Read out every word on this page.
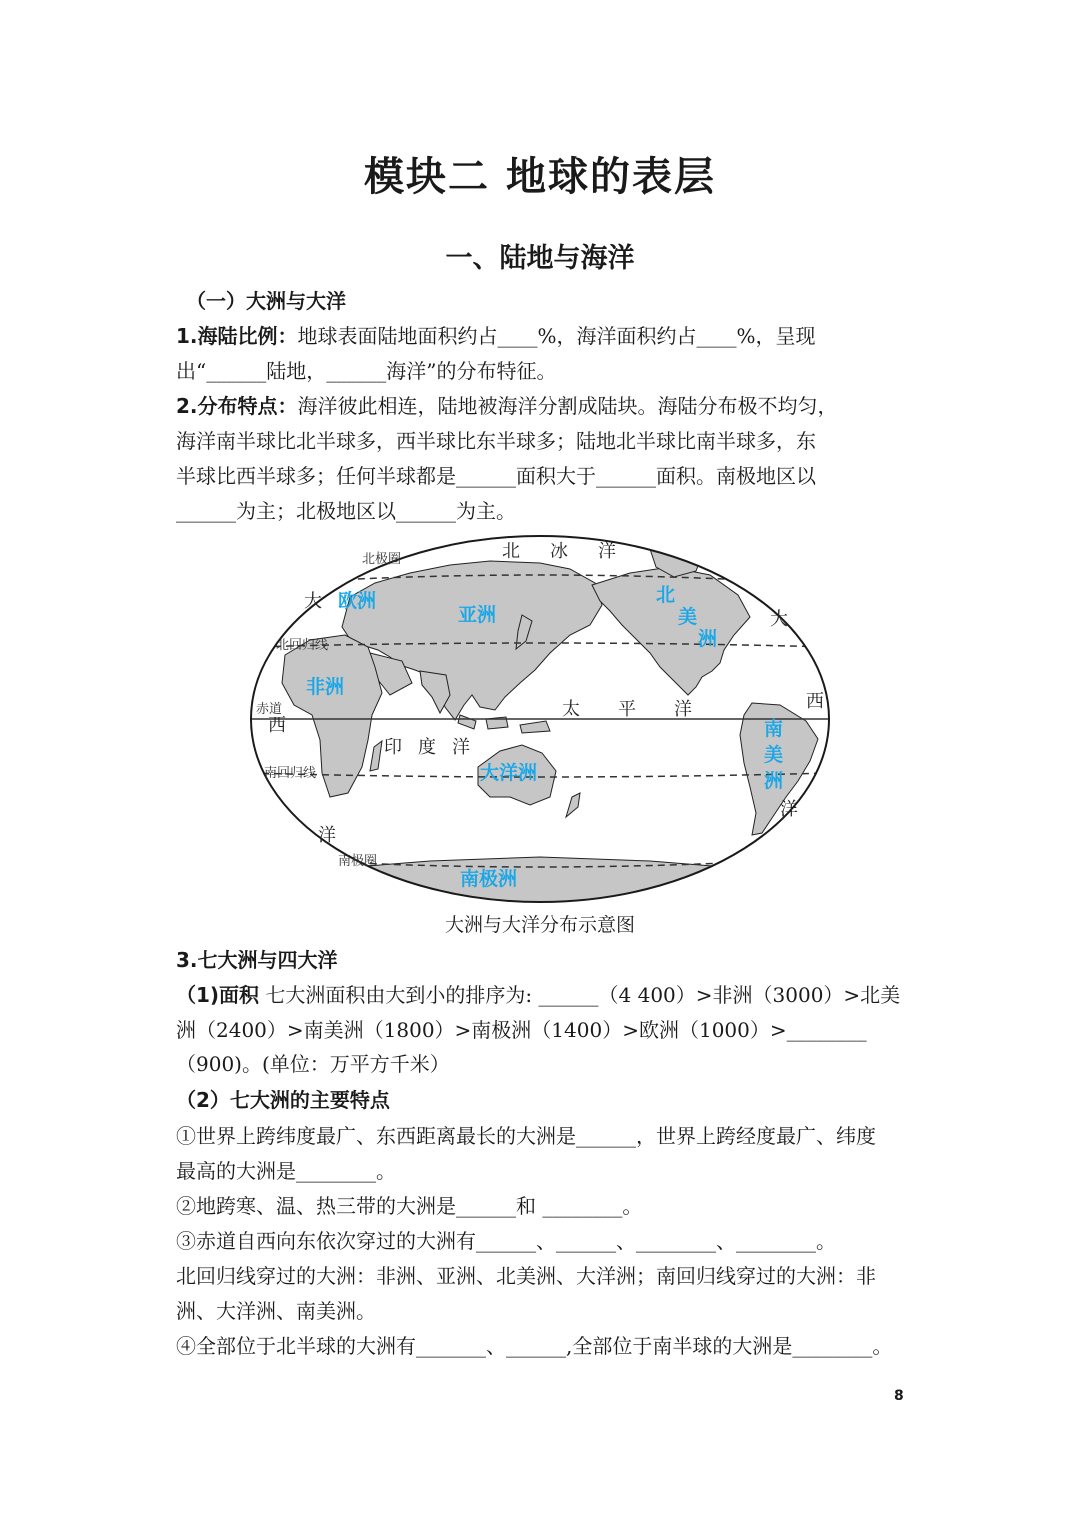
模块二 地球的表层
一、陆地与海洋
（一）大洲与大洋
1.海陆比例：地球表面陆地面积约占____%，海洋面积约占____%，呈现
出“______陆地，______海洋”的分布特征。
2.分布特点：海洋彼此相连，陆地被海洋分割成陆块。海陆分布极不均匀，
海洋南半球比北半球多，西半球比东半球多；陆地北半球比南半球多，东
半球比西半球多；任何半球都是______面积大于______面积。南极地区以
______为主；北极地区以______为主。
北极圈
北回归线
赤道
南回归线
南极圈
北 冰 洋
大
西
洋
大
西
洋
太 平 洋
印 度 洋
欧洲
亚洲
非洲
大洋洲
北
美
洲
南
美
洲
南极洲
大洲与大洋分布示意图
3.七大洲与四大洋
（1)面积 七大洲面积由大到小的排序为: ______（4 400）>非洲（3000）>北美
洲（2400）>南美洲（1800）>南极洲（1400）>欧洲（1000）>________
（900)。(单位：万平方千米）
（2）七大洲的主要特点
①世界上跨纬度最广、东西距离最长的大洲是______，世界上跨经度最广、纬度
最高的大洲是________。
②地跨寒、温、热三带的大洲是______和 ________。
③赤道自西向东依次穿过的大洲有______、______、________、________。
北回归线穿过的大洲：非洲、亚洲、北美洲、大洋洲；南回归线穿过的大洲：非
洲、大洋洲、南美洲。
④全部位于北半球的大洲有_______、______,全部位于南半球的大洲是________。
8
